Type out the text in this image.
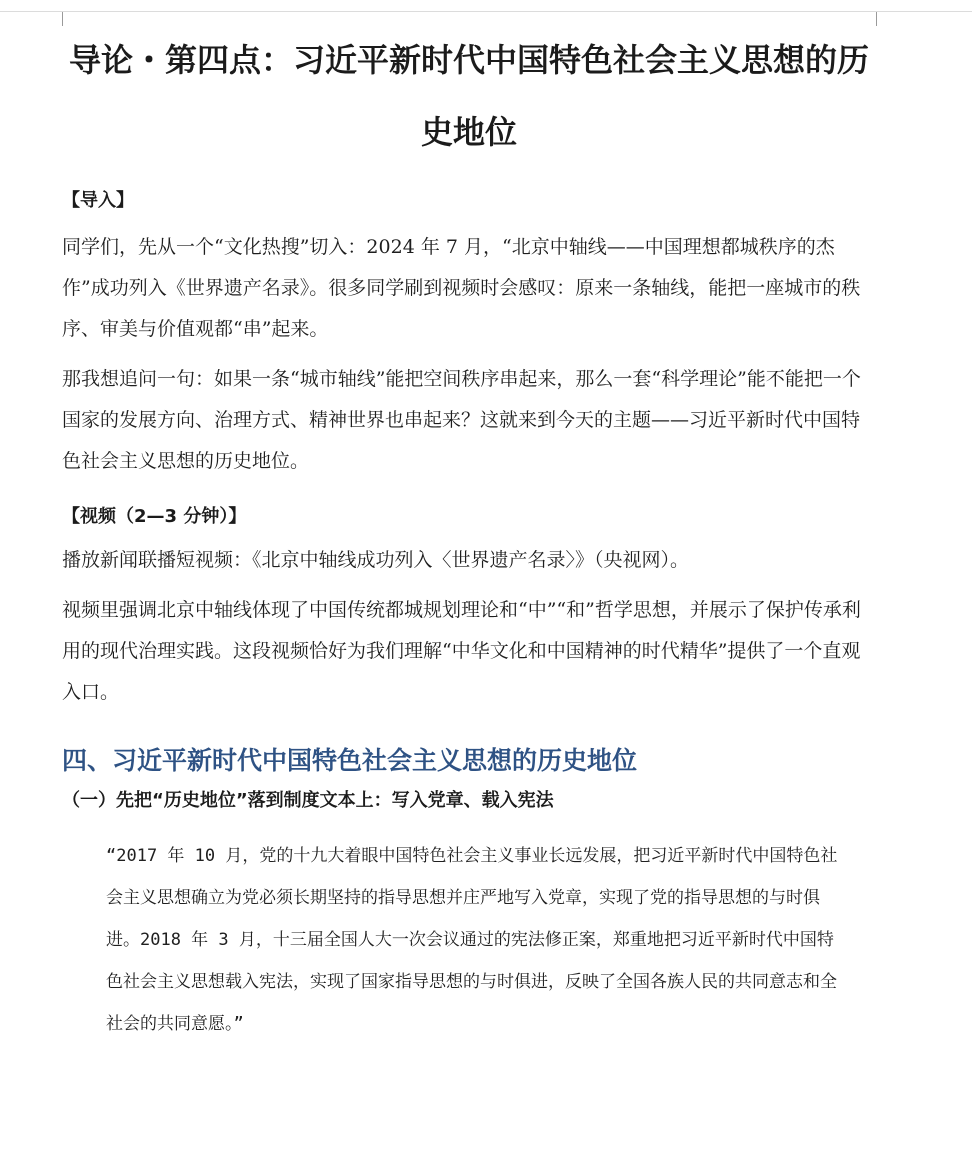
导论・第四点：习近平新时代中国特色社会主义思想的历史地位

【导入】

同学们，先从一个“文化热搜”切入：2024 年 7 月，“北京中轴线——中国理想都城秩序的杰作”成功列入《世界遗产名录》。很多同学刷到视频时会感叹：原来一条轴线，能把一座城市的秩序、审美与价值观都“串”起来。

那我想追问一句：如果一条“城市轴线”能把空间秩序串起来，那么一套“科学理论”能不能把一个国家的发展方向、治理方式、精神世界也串起来？这就来到今天的主题——习近平新时代中国特色社会主义思想的历史地位。

【视频（2—3 分钟）】

播放新闻联播短视频：《北京中轴线成功列入〈世界遗产名录〉》（央视网）。

视频里强调北京中轴线体现了中国传统都城规划理论和“中”“和”哲学思想，并展示了保护传承利用的现代治理实践。这段视频恰好为我们理解“中华文化和中国精神的时代精华”提供了一个直观入口。

四、习近平新时代中国特色社会主义思想的历史地位
（一）先把“历史地位”落到制度文本上：写入党章、载入宪法

“2017 年 10 月，党的十九大着眼中国特色社会主义事业长远发展，把习近平新时代中国特色社会主义思想确立为党必须长期坚持的指导思想并庄严地写入党章，实现了党的指导思想的与时俱进。2018 年 3 月，十三届全国人大一次会议通过的宪法修正案，郑重地把习近平新时代中国特色社会主义思想载入宪法，实现了国家指导思想的与时俱进，反映了全国各族人民的共同意志和全社会的共同意愿。”
